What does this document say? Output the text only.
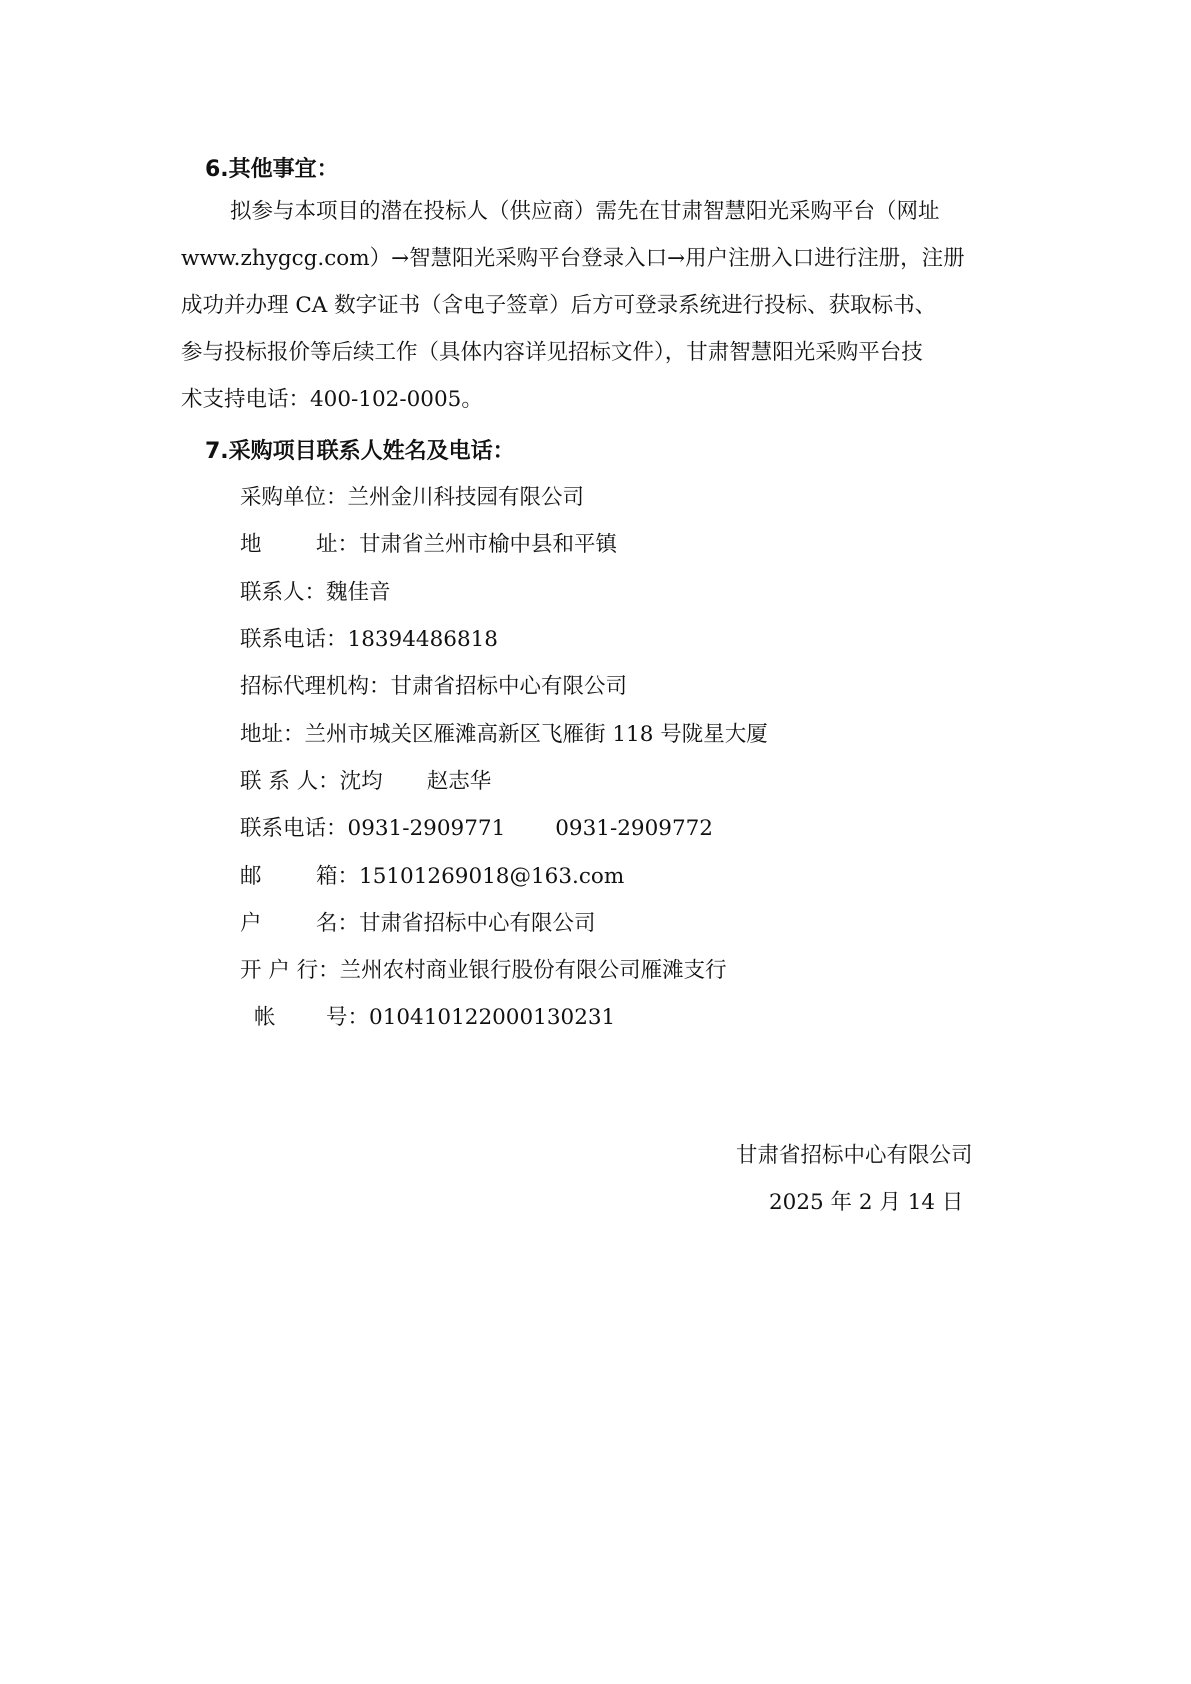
6.其他事宜：

拟参与本项目的潜在投标人（供应商）需先在甘肃智慧阳光采购平台（网址
www.zhygcg.com）→智慧阳光采购平台登录入口→用户注册入口进行注册，注册
成功并办理 CA 数字证书（含电子签章）后方可登录系统进行投标、获取标书、
参与投标报价等后续工作（具体内容详见招标文件），甘肃智慧阳光采购平台技
术支持电话：400-102-0005。

7.采购项目联系人姓名及电话：
采购单位：兰州金川科技园有限公司
地	址：甘肃省兰州市榆中县和平镇
联系人：魏佳音
联系电话：18394486818
招标代理机构：甘肃省招标中心有限公司
地址：兰州市城关区雁滩高新区飞雁街 118 号陇星大厦
联 系 人：沈均 赵志华
联系电话：0931-2909771 0931-2909772
邮	箱：15101269018@163.com
户	名：甘肃省招标中心有限公司
开 户 行：兰州农村商业银行股份有限公司雁滩支行
帐 号：010410122000130231
甘肃省招标中心有限公司
2025 年 2 月 14 日
